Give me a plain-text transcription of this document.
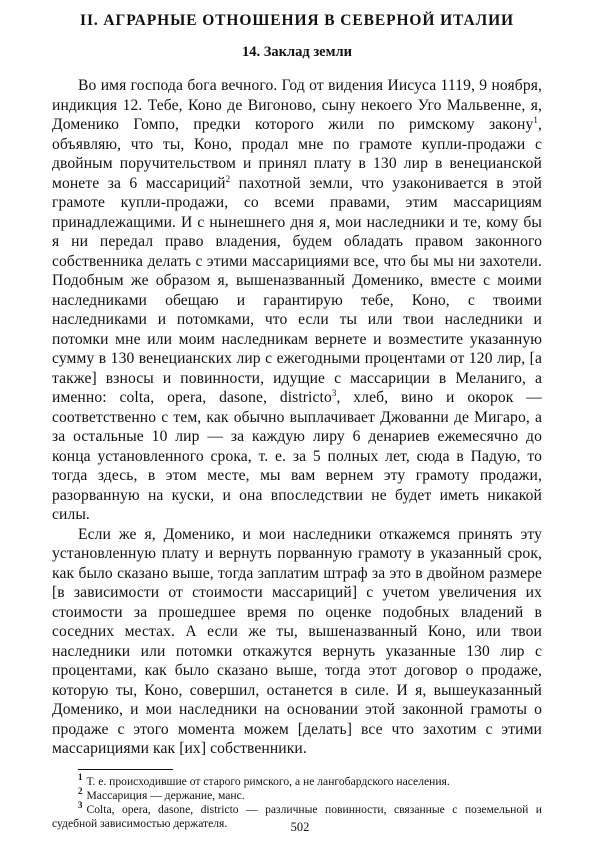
II. АГРАРНЫЕ ОТНОШЕНИЯ В СЕВЕРНОЙ ИТАЛИИ
14. Заклад земли

Во имя господа бога вечного. Год от видения Иисуса 1119, 9 ноября, индикция 12. Тебе, Коно де Вигоново, сыну некоего Уго Мальвенне, я, Доменико Гомпо, предки которого жили по римскому закону$^1$, объявляю, что ты, Коно, продал мне по грамоте купли-продажи с двойным поручительством и принял плату в 130 лир в венецианской монете за 6 массариций$^2$ пахотной земли, что узаконивается в этой грамоте купли-продажи, со всеми правами, этим массарициям принадлежащими. И с нынешнего дня я, мои наследники и те, кому бы я ни передал право владения, будем обладать правом законного собственника делать с этими массарициями все, что бы мы ни захотели. Подобным же образом я, вышеназванный Доменико, вместе с моими наследниками обещаю и гарантирую тебе, Коно, с твоими наследниками и потомками, что если ты или твои наследники и потомки мне или моим наследникам вернете и возместите указанную сумму в 130 венецианских лир с ежегодными процентами от 120 лир, [а также] взносы и повинности, идущие с массариции в Меланиго, а именно: colta, opera, dasone, districto$^3$, хлеб, вино и окорок — соответственно с тем, как обычно выплачивает Джованни де Мигаро, а за остальные 10 лир — за каждую лиру 6 денариев ежемесячно до конца установленного срока, т. е. за 5 полных лет, сюда в Падую, то тогда здесь, в этом месте, мы вам вернем эту грамоту продажи, разорванную на куски, и она впоследствии не будет иметь никакой силы.

Если же я, Доменико, и мои наследники откажемся принять эту установленную плату и вернуть порванную грамоту в указанный срок, как было сказано выше, тогда заплатим штраф за это в двойном размере [в зависимости от стоимости массариций] с учетом увеличения их стоимости за прошедшее время по оценке подобных владений в соседних местах. А если же ты, вышеназванный Коно, или твои наследники или потомки откажутся вернуть указанные 130 лир с процентами, как было сказано выше, тогда этот договор о продаже, которую ты, Коно, совершил, останется в силе. И я, вышеуказанный Доменико, и мои наследники на основании этой законной грамоты о продаже с этого момента можем [делать] все что захотим с этими массарициями как [их] собственники.

$^1$ Т. е. происходившие от старого римского, а не лангобардского населения.

$^2$ Массариция — держание, манс.

$^3$ Colta, opera, dasone, districto — различные повинности, связанные с поземельной и судебной зависимостью держателя.	502
